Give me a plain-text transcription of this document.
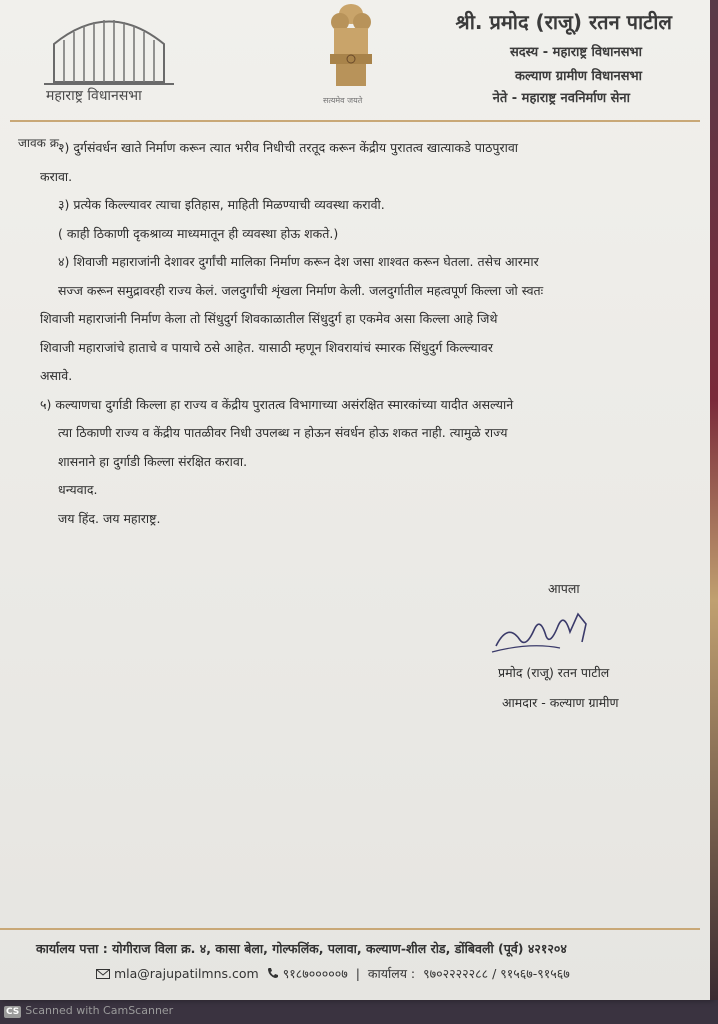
महाराष्ट्र विधानसभा	सत्यमेव जयते
श्री. प्रमोद (राजू) रतन पाटील
सदस्य - महाराष्ट्र विधानसभा
कल्याण ग्रामीण विधानसभा
नेते - महाराष्ट्र नवनिर्माण सेना
जावक क्र.

२) दुर्गसंवर्धन खाते निर्माण करून त्यात भरीव निधीची तरतूद करून केंद्रीय पुरातत्व खात्याकडे पाठपुरावा

करावा.

३) प्रत्येक किल्ल्यावर त्याचा इतिहास, माहिती मिळण्याची व्यवस्था करावी.

( काही ठिकाणी दृकश्राव्य माध्यमातून ही व्यवस्था होऊ शकते.)

४) शिवाजी महाराजांनी देशावर दुर्गांची मालिका निर्माण करून देश जसा शाश्वत करून घेतला. तसेच आरमार

सज्ज करून समुद्रावरही राज्य केलं. जलदुर्गांची शृंखला निर्माण केली. जलदुर्गातील महत्वपूर्ण किल्ला जो स्वतः

शिवाजी महाराजांनी निर्माण केला तो सिंधुदुर्ग शिवकाळातील सिंधुदुर्ग हा एकमेव असा किल्ला आहे जिथे

शिवाजी महाराजांचे हाताचे व पायाचे ठसे आहेत. यासाठी म्हणून शिवरायांचं स्मारक सिंधुदुर्ग किल्ल्यावर

असावे.

५) कल्याणचा दुर्गाडी किल्ला हा राज्य व केंद्रीय पुरातत्व विभागाच्या असंरक्षित स्मारकांच्या यादीत असल्याने

त्या ठिकाणी राज्य व केंद्रीय पातळीवर निधी उपलब्ध न होऊन संवर्धन होऊ शकत नाही. त्यामुळे राज्य

शासनाने हा दुर्गाडी किल्ला संरक्षित करावा.

धन्यवाद.

जय हिंद. जय महाराष्ट्र.

आपला
प्रमोद (राजू) रतन पाटील
आमदार - कल्याण ग्रामीण
कार्यालय पत्ता : योगीराज विला क्र. ४, कासा बेला, गोल्फलिंक, पलावा, कल्याण-शील रोड, डोंबिवली (पूर्व) ४२१२०४
mla@rajupatilmns.com ९१८७०००००७ | कार्यालय : ९७०२२२२२८८ / ९१५६७-९१५६७
CS Scanned with CamScanner
